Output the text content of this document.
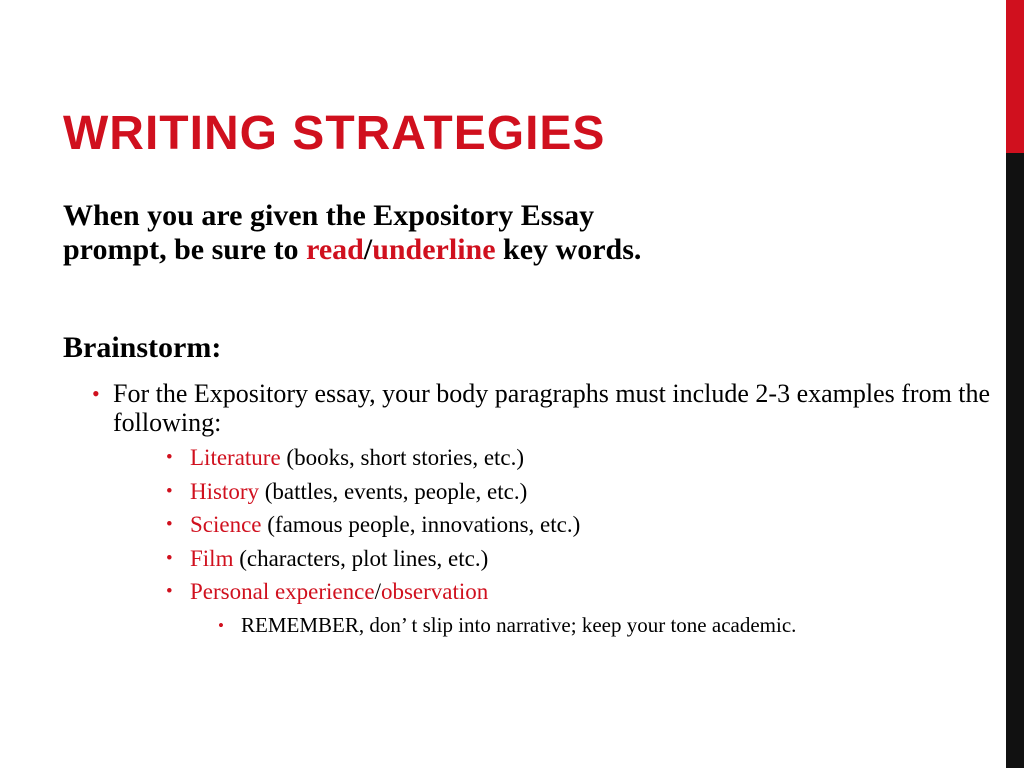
WRITING STRATEGIES

When you are given the Expository Essay
prompt, be sure to read/underline key words.

Brainstorm:

• For the Expository essay, your body paragraphs must include 2-3 examples from the following:
• Literature (books, short stories, etc.)
• History (battles, events, people, etc.)
• Science (famous people, innovations, etc.)
• Film (characters, plot lines, etc.)
• Personal experience/observation
• REMEMBER, don’ t slip into narrative; keep your tone academic.
